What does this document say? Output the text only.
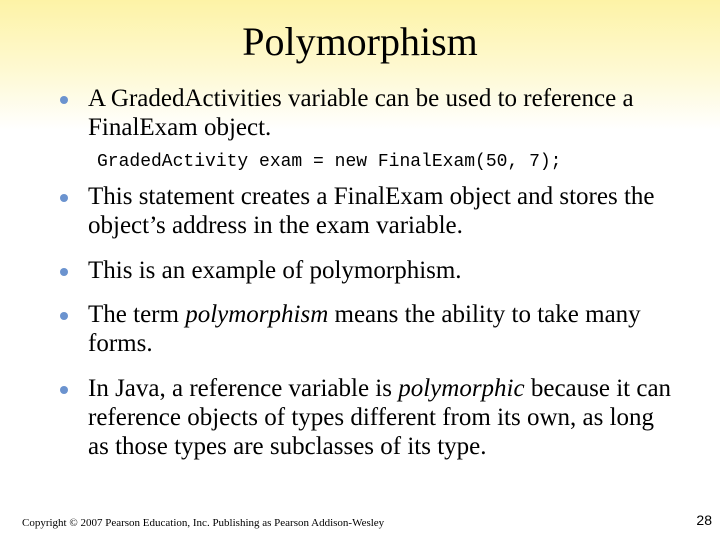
Polymorphism
A GradedActivities variable can be used to reference a FinalExam object.
GradedActivity exam = new FinalExam(50, 7);
This statement creates a FinalExam object and stores the object’s address in the exam variable.
This is an example of polymorphism.
The term polymorphism means the ability to take many forms.
In Java, a reference variable is polymorphic because it can reference objects of types different from its own, as long as those types are subclasses of its type.
Copyright © 2007 Pearson Education, Inc. Publishing as Pearson Addison-Wesley	28
